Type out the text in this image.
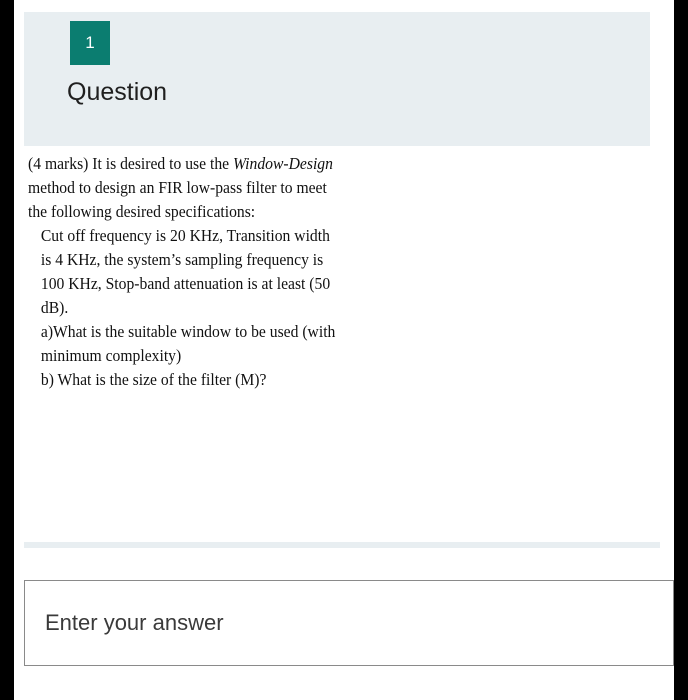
1
Question

(4 marks) It is desired to use the Window-Design

method to design an FIR low-pass filter to meet

the following desired specifications:

Cut off frequency is 20 KHz, Transition width

is 4 KHz, the system’s sampling frequency is

100 KHz, Stop-band attenuation is at least (50

dB).

a)What is the suitable window to be used (with

minimum complexity)

b) What is the size of the filter (M)?

Enter your answer
